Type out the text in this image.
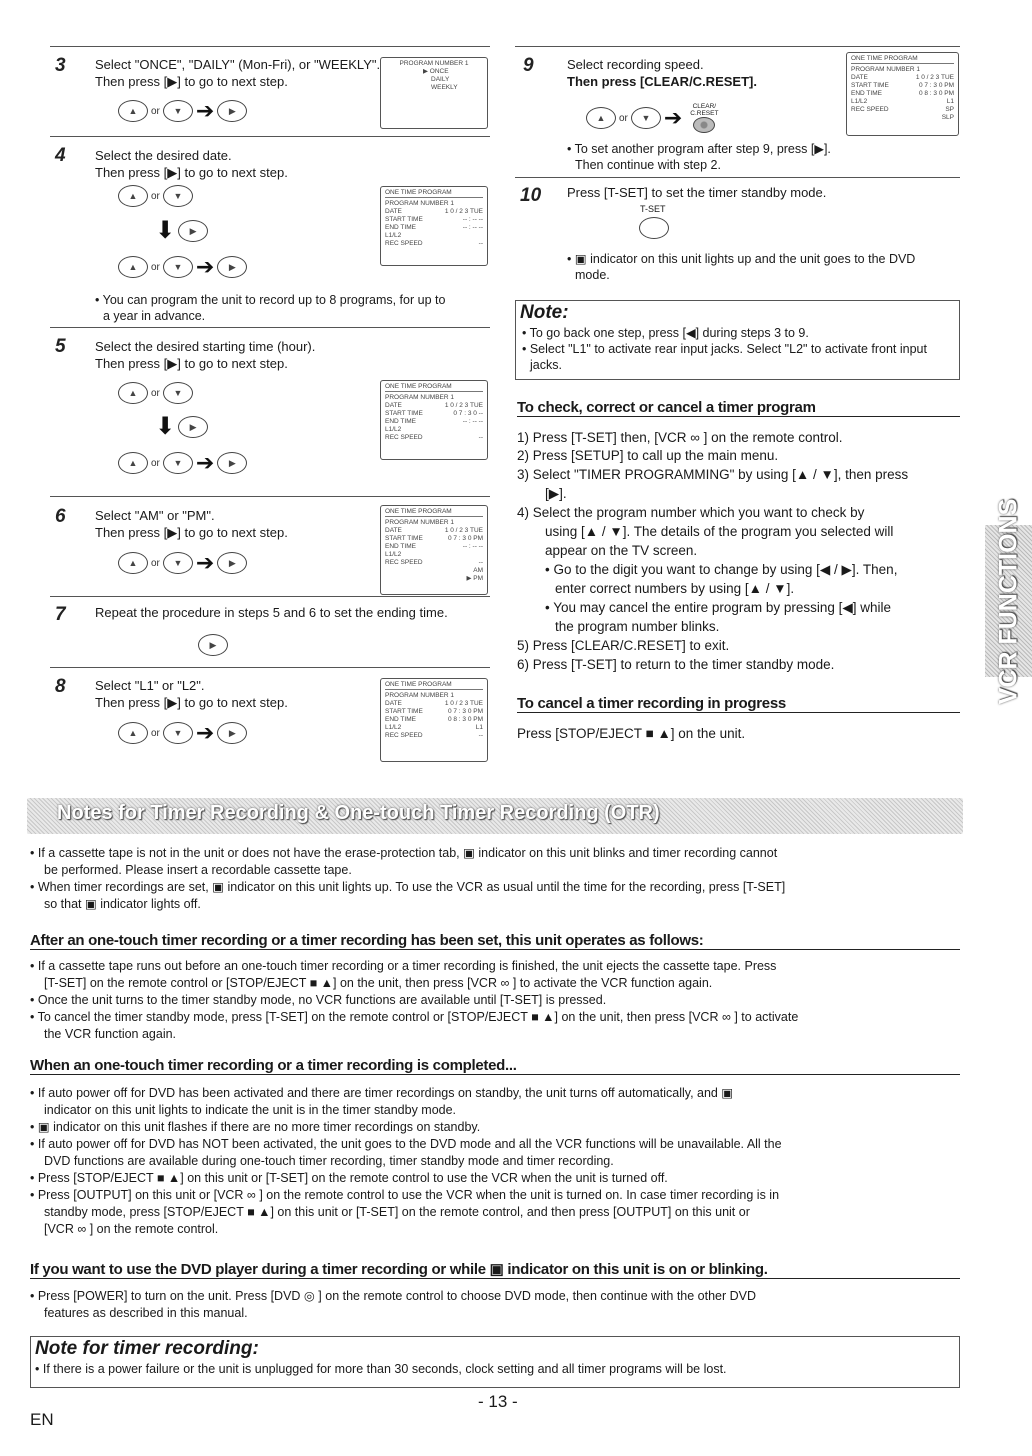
3 Select "ONCE", "DAILY" (Mon-Fri), or "WEEKLY".
Then press [▶] to go to next step.
PROGRAM NUMBER 1
▶ ONCE
DAILY
WEEKLY
▲	or	▼ ➔	▶
4 Select the desired date.
Then press [▶] to go to next step.
ONE TIME PROGRAM
PROGRAM NUMBER 1
DATE	1 0 / 2 3 TUE
START TIME	-- : -- --
END TIME	-- : -- --
L1/L2
REC SPEED	--
▲	or	▼
⬇	▶
▲	or	▼ ➔	▶
• You can program the unit to record up to 8 programs, for up to
a year in advance.
5 Select the desired starting time (hour).
Then press [▶] to go to next step.
ONE TIME PROGRAM
PROGRAM NUMBER 1
DATE	1 0 / 2 3 TUE
START TIME	0 7 : 3 0 --
END TIME	-- : -- --
L1/L2
REC SPEED	--
▲	or	▼
⬇	▶
▲	or	▼ ➔	▶
6 Select "AM" or "PM".
Then press [▶] to go to next step.
ONE TIME PROGRAM
PROGRAM NUMBER 1
DATE	1 0 / 2 3 TUE
START TIME	0 7 : 3 0 PM
END TIME	-- : -- --
L1/L2
REC SPEED	--
AM
▶ PM
▲	or	▼ ➔	▶
7 Repeat the procedure in steps 5 and 6 to set the ending time.
▶
8 Select "L1" or "L2".
Then press [▶] to go to next step.
ONE TIME PROGRAM
PROGRAM NUMBER 1
DATE	1 0 / 2 3 TUE
START TIME	0 7 : 3 0 PM
END TIME	0 8 : 3 0 PM
L1/L2	L1
REC SPEED	--
▲	or	▼ ➔	▶
9	Select recording speed.
Then press [CLEAR/C.RESET].
ONE TIME PROGRAM
PROGRAM NUMBER 1
DATE	1 0 / 2 3 TUE
START TIME	0 7 : 3 0 PM
END TIME	0 8 : 3 0 PM
L1/L2	L1
REC SPEED	SP
SLP
▲	or	▼ ➔	CLEAR/ C.RESET
• To set another program after step 9, press [▶].
Then continue with step 2.
10 Press [T-SET] to set the timer standby mode.
T-SET
• ▣ indicator on this unit lights up and the unit goes to the DVD
mode.
Note:
• To go back one step, press [◀] during steps 3 to 9.
• Select "L1" to activate rear input jacks. Select "L2" to activate front input
jacks.
To check, correct or cancel a timer program
1) Press [T-SET] then, [VCR ∞ ] on the remote control.
2) Press [SETUP] to call up the main menu.
3) Select "TIMER PROGRAMMING" by using [▲ / ▼], then press
[▶].
4) Select the program number which you want to check by
using [▲ / ▼]. The details of the program you selected will
appear on the TV screen.
• Go to the digit you want to change by using [◀ / ▶]. Then,
enter correct numbers by using [▲ / ▼].
• You may cancel the entire program by pressing [◀] while
the program number blinks.
5) Press [CLEAR/C.RESET] to exit.
6) Press [T-SET] to return to the timer standby mode.
To cancel a timer recording in progress
Press [STOP/EJECT ■ ▲] on the unit.
VCR FUNCTIONS
Notes for Timer Recording & One-touch Timer Recording (OTR)
• If a cassette tape is not in the unit or does not have the erase-protection tab, ▣ indicator on this unit blinks and timer recording cannot
be performed. Please insert a recordable cassette tape.
• When timer recordings are set, ▣ indicator on this unit lights up. To use the VCR as usual until the time for the recording, press [T-SET]
so that ▣ indicator lights off.
After an one-touch timer recording or a timer recording has been set, this unit operates as follows:
• If a cassette tape runs out before an one-touch timer recording or a timer recording is finished, the unit ejects the cassette tape. Press
[T-SET] on the remote control or [STOP/EJECT ■ ▲] on the unit, then press [VCR ∞ ] to activate the VCR function again.
• Once the unit turns to the timer standby mode, no VCR functions are available until [T-SET] is pressed.
• To cancel the timer standby mode, press [T-SET] on the remote control or [STOP/EJECT ■ ▲] on the unit, then press [VCR ∞ ] to activate
the VCR function again.
When an one-touch timer recording or a timer recording is completed...
• If auto power off for DVD has been activated and there are timer recordings on standby, the unit turns off automatically, and ▣
indicator on this unit lights to indicate the unit is in the timer standby mode.
• ▣ indicator on this unit flashes if there are no more timer recordings on standby.
• If auto power off for DVD has NOT been activated, the unit goes to the DVD mode and all the VCR functions will be unavailable. All the
DVD functions are available during one-touch timer recording, timer standby mode and timer recording.
• Press [STOP/EJECT ■ ▲] on this unit or [T-SET] on the remote control to use the VCR when the unit is turned off.
• Press [OUTPUT] on this unit or [VCR ∞ ] on the remote control to use the VCR when the unit is turned on. In case timer recording is in
standby mode, press [STOP/EJECT ■ ▲] on this unit or [T-SET] on the remote control, and then press [OUTPUT] on this unit or
[VCR ∞ ] on the remote control.
If you want to use the DVD player during a timer recording or while ▣ indicator on this unit is on or blinking.
• Press [POWER] to turn on the unit. Press [DVD ◎ ] on the remote control to choose DVD mode, then continue with the other DVD
features as described in this manual.
Note for timer recording:
• If there is a power failure or the unit is unplugged for more than 30 seconds, clock setting and all timer programs will be lost.
- 13 -
EN
